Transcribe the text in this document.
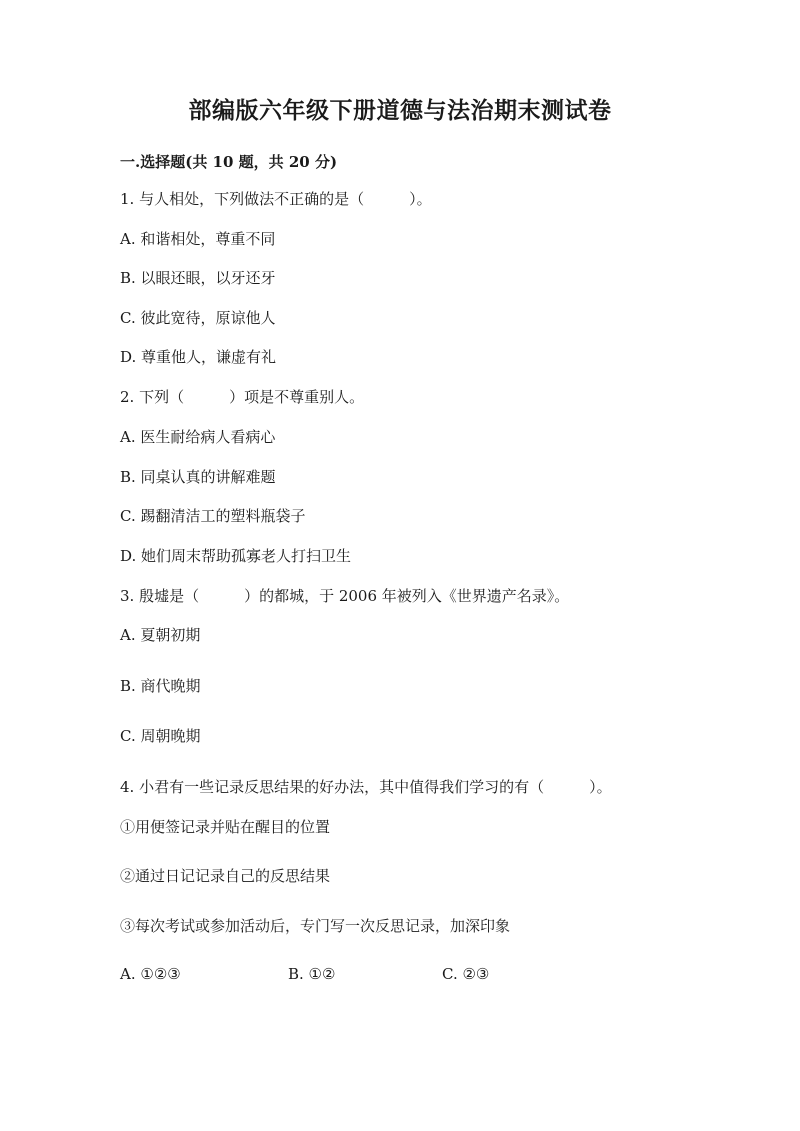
部编版六年级下册道德与法治期末测试卷
一.选择题(共 10 题，共 20 分)
1. 与人相处，下列做法不正确的是（　　　）。
A. 和谐相处，尊重不同
B. 以眼还眼，以牙还牙
C. 彼此宽待，原谅他人
D. 尊重他人，谦虚有礼
2. 下列（　　　）项是不尊重别人。
A. 医生耐给病人看病心
B. 同桌认真的讲解难题
C. 踢翻清洁工的塑料瓶袋子
D. 她们周末帮助孤寡老人打扫卫生
3. 殷墟是（　　　）的都城，于 2006 年被列入《世界遗产名录》。
A. 夏朝初期
B. 商代晚期
C. 周朝晚期
4. 小君有一些记录反思结果的好办法，其中值得我们学习的有（　　　）。
①用便签记录并贴在醒目的位置
②通过日记记录自己的反思结果
③每次考试或参加活动后，专门写一次反思记录，加深印象
A. ①②③	B. ①②	C. ②③
